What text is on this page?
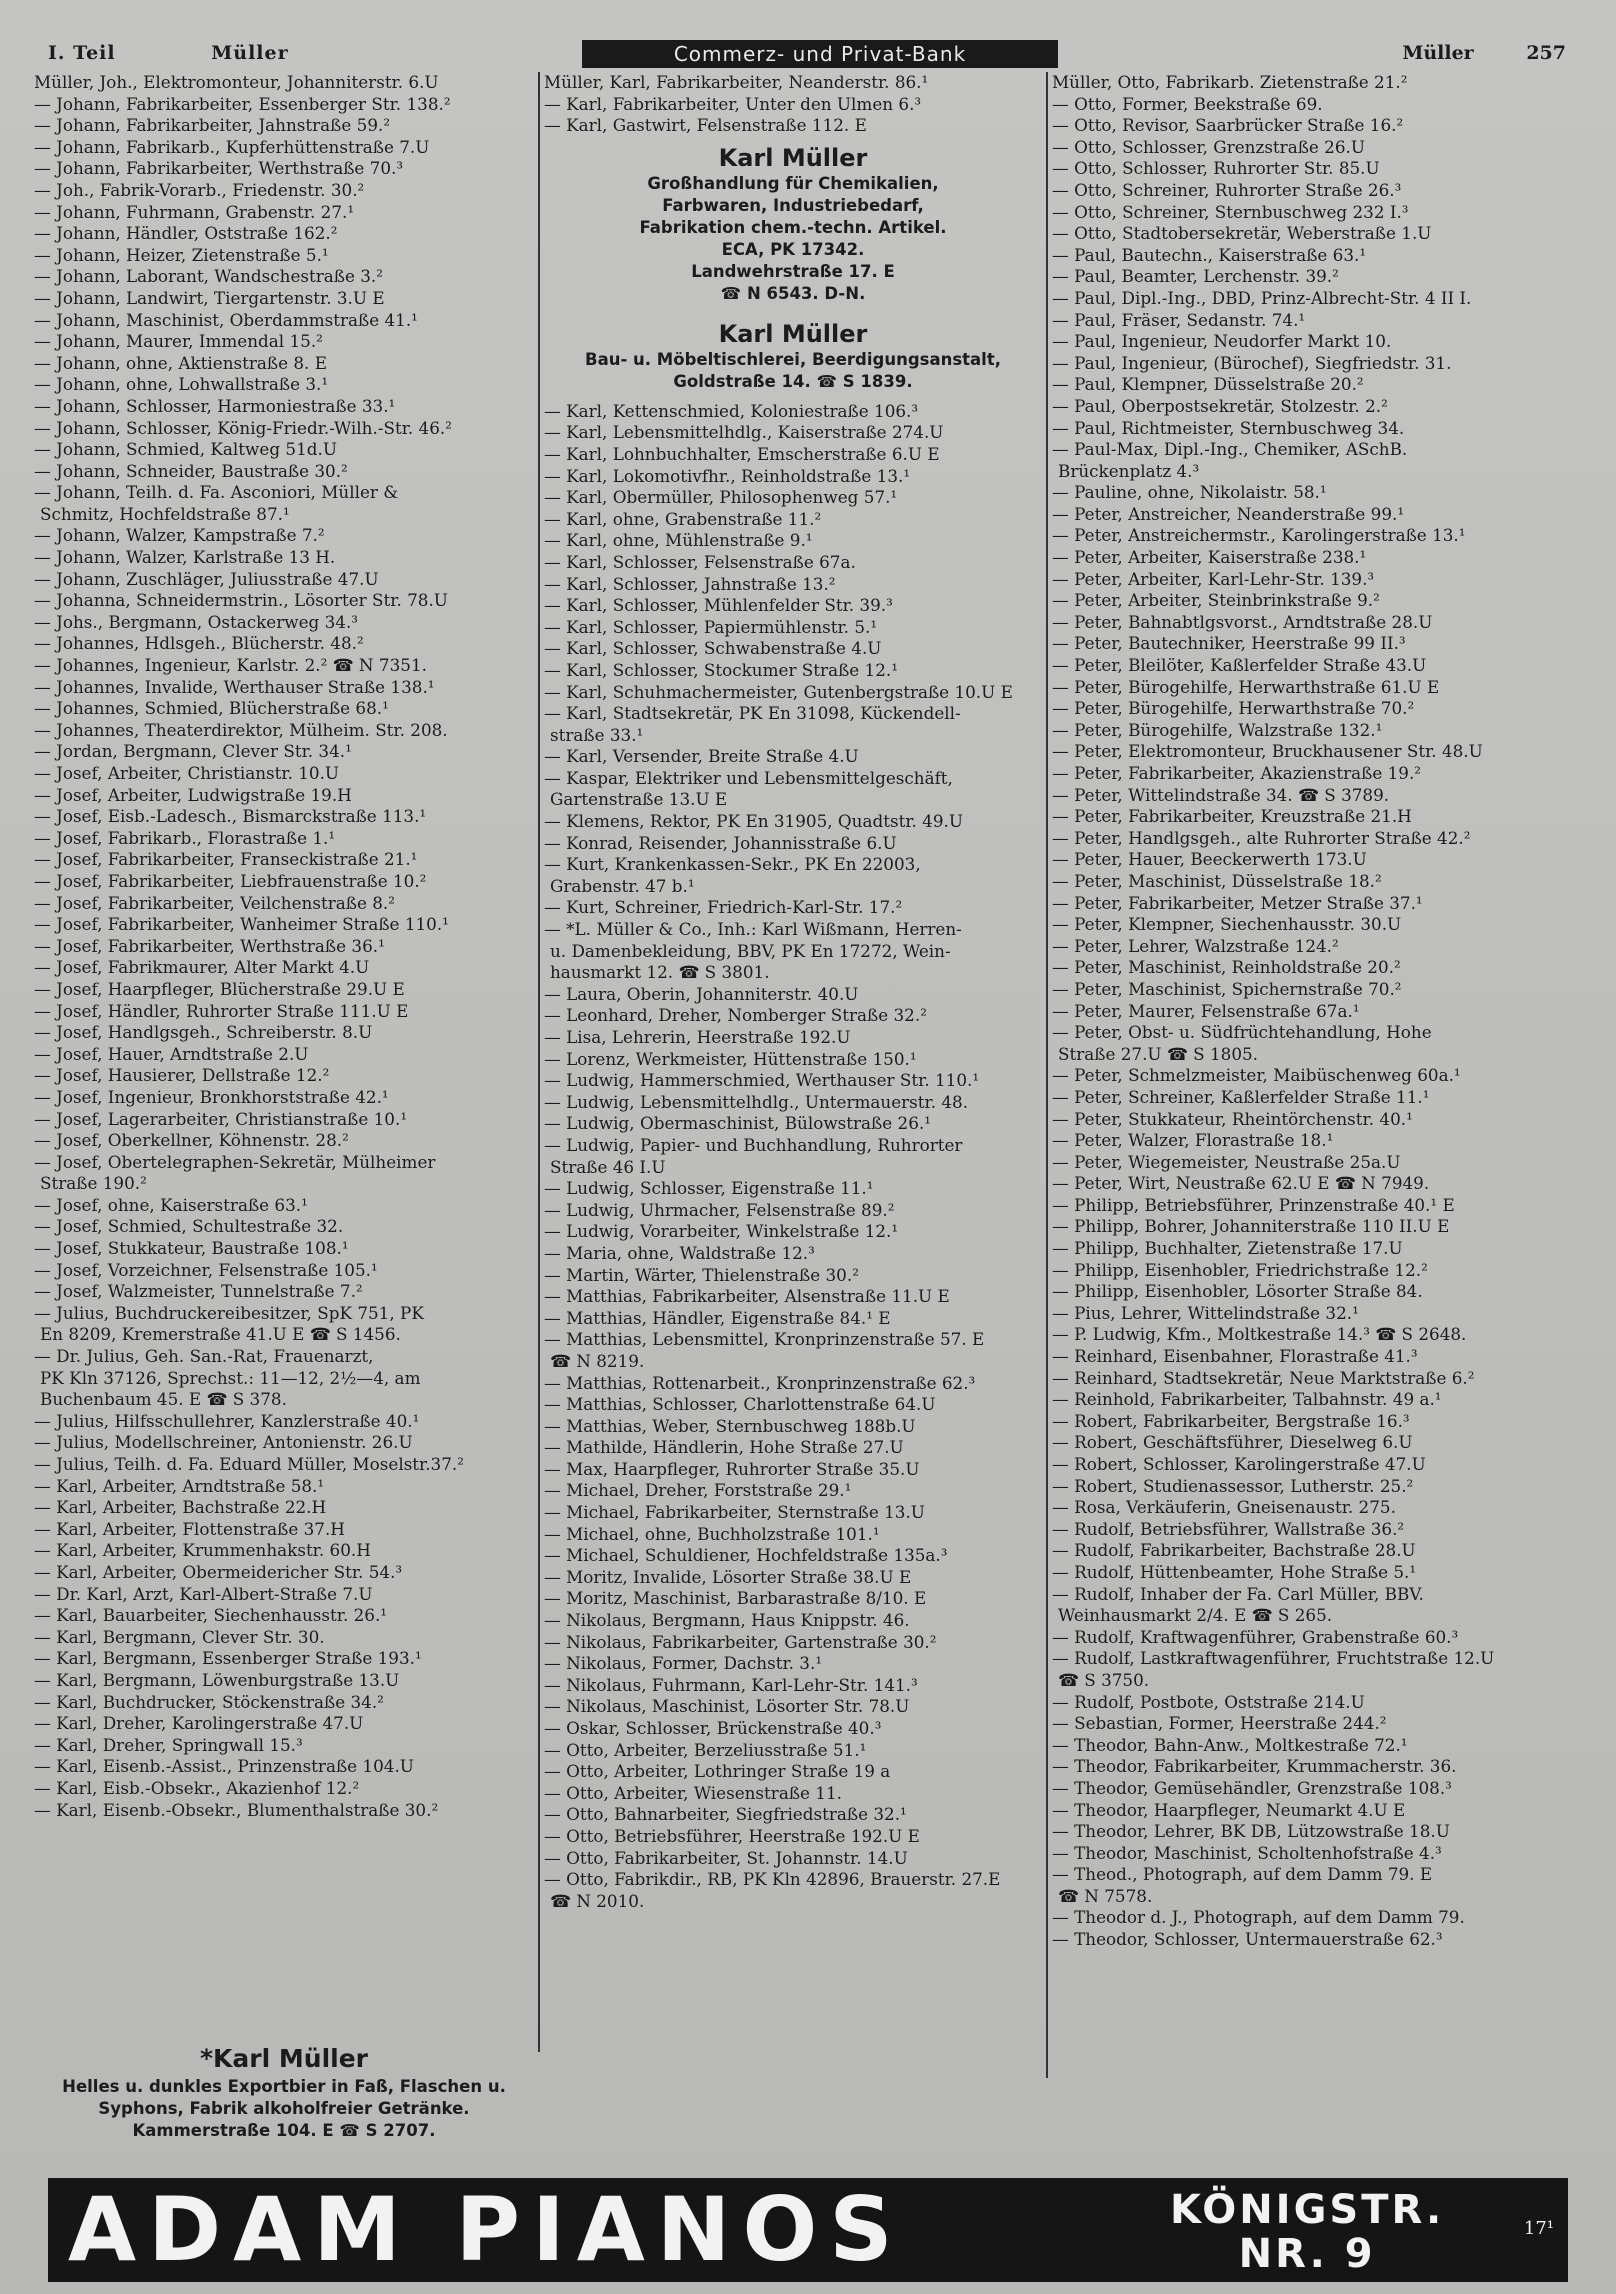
I. Teil	Müller	Commerz- und Privat-Bank	Müller	257
Müller, Joh., Elektromonteur, Johanniterstr. 6.U
— Johann, Fabrikarbeiter, Essenberger Str. 138.²
— Johann, Fabrikarbeiter, Jahnstraße 59.²
— Johann, Fabrikarb., Kupferhüttenstraße 7.U
— Johann, Fabrikarbeiter, Werthstraße 70.³
— Joh., Fabrik-Vorarb., Friedenstr. 30.²
— Johann, Fuhrmann, Grabenstr. 27.¹
— Johann, Händler, Oststraße 162.²
— Johann, Heizer, Zietenstraße 5.¹
— Johann, Laborant, Wandschestraße 3.²
— Johann, Landwirt, Tiergartenstr. 3.U E
— Johann, Maschinist, Oberdammstraße 41.¹
— Johann, Maurer, Immendal 15.²
— Johann, ohne, Aktienstraße 8. E
— Johann, ohne, Lohwallstraße 3.¹
— Johann, Schlosser, Harmoniestraße 33.¹
— Johann, Schlosser, König-Friedr.-Wilh.-Str. 46.²
— Johann, Schmied, Kaltweg 51d.U
— Johann, Schneider, Baustraße 30.²
— Johann, Teilh. d. Fa. Asconiori, Müller &
Schmitz, Hochfeldstraße 87.¹
— Johann, Walzer, Kampstraße 7.²
— Johann, Walzer, Karlstraße 13 H.
— Johann, Zuschläger, Juliusstraße 47.U
— Johanna, Schneidermstrin., Lösorter Str. 78.U
— Johs., Bergmann, Ostackerweg 34.³
— Johannes, Hdlsgeh., Blücherstr. 48.²
— Johannes, Ingenieur, Karlstr. 2.² ☎ N 7351.
— Johannes, Invalide, Werthauser Straße 138.¹
— Johannes, Schmied, Blücherstraße 68.¹
— Johannes, Theaterdirektor, Mülheim. Str. 208.
— Jordan, Bergmann, Clever Str. 34.¹
— Josef, Arbeiter, Christianstr. 10.U
— Josef, Arbeiter, Ludwigstraße 19.H
— Josef, Eisb.-Ladesch., Bismarckstraße 113.¹
— Josef, Fabrikarb., Florastraße 1.¹
— Josef, Fabrikarbeiter, Franseckistraße 21.¹
— Josef, Fabrikarbeiter, Liebfrauenstraße 10.²
— Josef, Fabrikarbeiter, Veilchenstraße 8.²
— Josef, Fabrikarbeiter, Wanheimer Straße 110.¹
— Josef, Fabrikarbeiter, Werthstraße 36.¹
— Josef, Fabrikmaurer, Alter Markt 4.U
— Josef, Haarpfleger, Blücherstraße 29.U E
— Josef, Händler, Ruhrorter Straße 111.U E
— Josef, Handlgsgeh., Schreiberstr. 8.U
— Josef, Hauer, Arndtstraße 2.U
— Josef, Hausierer, Dellstraße 12.²
— Josef, Ingenieur, Bronkhorststraße 42.¹
— Josef, Lagerarbeiter, Christianstraße 10.¹
— Josef, Oberkellner, Köhnenstr. 28.²
— Josef, Obertelegraphen-Sekretär, Mülheimer
Straße 190.²
— Josef, ohne, Kaiserstraße 63.¹
— Josef, Schmied, Schultestraße 32.
— Josef, Stukkateur, Baustraße 108.¹
— Josef, Vorzeichner, Felsenstraße 105.¹
— Josef, Walzmeister, Tunnelstraße 7.²
— Julius, Buchdruckereibesitzer, SpK 751, PK
En 8209, Kremerstraße 41.U E ☎ S 1456.
— Dr. Julius, Geh. San.-Rat, Frauenarzt,
PK Kln 37126, Sprechst.: 11—12, 2½—4, am
Buchenbaum 45. E ☎ S 378.
— Julius, Hilfsschullehrer, Kanzlerstraße 40.¹
— Julius, Modellschreiner, Antonienstr. 26.U
— Julius, Teilh. d. Fa. Eduard Müller, Moselstr.37.²
— Karl, Arbeiter, Arndtstraße 58.¹
— Karl, Arbeiter, Bachstraße 22.H
— Karl, Arbeiter, Flottenstraße 37.H
— Karl, Arbeiter, Krummenhakstr. 60.H
— Karl, Arbeiter, Obermeidericher Str. 54.³
— Dr. Karl, Arzt, Karl-Albert-Straße 7.U
— Karl, Bauarbeiter, Siechenhausstr. 26.¹
— Karl, Bergmann, Clever Str. 30.
— Karl, Bergmann, Essenberger Straße 193.¹
— Karl, Bergmann, Löwenburgstraße 13.U
— Karl, Buchdrucker, Stöckenstraße 34.²
— Karl, Dreher, Karolingerstraße 47.U
— Karl, Dreher, Springwall 15.³
— Karl, Eisenb.-Assist., Prinzenstraße 104.U
— Karl, Eisb.-Obsekr., Akazienhof 12.²
— Karl, Eisenb.-Obsekr., Blumenthalstraße 30.²
*Karl Müller
Helles u. dunkles Exportbier in Faß, Flaschen u.
Syphons, Fabrik alkoholfreier Getränke.
Kammerstraße 104. E ☎ S 2707.
Müller, Karl, Fabrikarbeiter, Neanderstr. 86.¹
— Karl, Fabrikarbeiter, Unter den Ulmen 6.³
— Karl, Gastwirt, Felsenstraße 112. E
Karl Müller
Großhandlung für Chemikalien,
Farbwaren, Industriebedarf,
Fabrikation chem.-techn. Artikel.
ECA, PK 17342.
Landwehrstraße 17. E
☎ N 6543. D-N.
Karl Müller
Bau- u. Möbeltischlerei, Beerdigungsanstalt,
Goldstraße 14. ☎ S 1839.
— Karl, Kettenschmied, Koloniestraße 106.³
— Karl, Lebensmittelhdlg., Kaiserstraße 274.U
— Karl, Lohnbuchhalter, Emscherstraße 6.U E
— Karl, Lokomotivfhr., Reinholdstraße 13.¹
— Karl, Obermüller, Philosophenweg 57.¹
— Karl, ohne, Grabenstraße 11.²
— Karl, ohne, Mühlenstraße 9.¹
— Karl, Schlosser, Felsenstraße 67a.
— Karl, Schlosser, Jahnstraße 13.²
— Karl, Schlosser, Mühlenfelder Str. 39.³
— Karl, Schlosser, Papiermühlenstr. 5.¹
— Karl, Schlosser, Schwabenstraße 4.U
— Karl, Schlosser, Stockumer Straße 12.¹
— Karl, Schuhmachermeister, Gutenbergstraße 10.U E
— Karl, Stadtsekretär, PK En 31098, Kückendell-
straße 33.¹
— Karl, Versender, Breite Straße 4.U
— Kaspar, Elektriker und Lebensmittelgeschäft,
Gartenstraße 13.U E
— Klemens, Rektor, PK En 31905, Quadtstr. 49.U
— Konrad, Reisender, Johannisstraße 6.U
— Kurt, Krankenkassen-Sekr., PK En 22003,
Grabenstr. 47 b.¹
— Kurt, Schreiner, Friedrich-Karl-Str. 17.²
— *L. Müller & Co., Inh.: Karl Wißmann, Herren-
u. Damenbekleidung, BBV, PK En 17272, Wein-
hausmarkt 12. ☎ S 3801.
— Laura, Oberin, Johanniterstr. 40.U
— Leonhard, Dreher, Nomberger Straße 32.²
— Lisa, Lehrerin, Heerstraße 192.U
— Lorenz, Werkmeister, Hüttenstraße 150.¹
— Ludwig, Hammerschmied, Werthauser Str. 110.¹
— Ludwig, Lebensmittelhdlg., Untermauerstr. 48.
— Ludwig, Obermaschinist, Bülowstraße 26.¹
— Ludwig, Papier- und Buchhandlung, Ruhrorter
Straße 46 I.U
— Ludwig, Schlosser, Eigenstraße 11.¹
— Ludwig, Uhrmacher, Felsenstraße 89.²
— Ludwig, Vorarbeiter, Winkelstraße 12.¹
— Maria, ohne, Waldstraße 12.³
— Martin, Wärter, Thielenstraße 30.²
— Matthias, Fabrikarbeiter, Alsenstraße 11.U E
— Matthias, Händler, Eigenstraße 84.¹ E
— Matthias, Lebensmittel, Kronprinzenstraße 57. E
☎ N 8219.
— Matthias, Rottenarbeit., Kronprinzenstraße 62.³
— Matthias, Schlosser, Charlottenstraße 64.U
— Matthias, Weber, Sternbuschweg 188b.U
— Mathilde, Händlerin, Hohe Straße 27.U
— Max, Haarpfleger, Ruhrorter Straße 35.U
— Michael, Dreher, Forststraße 29.¹
— Michael, Fabrikarbeiter, Sternstraße 13.U
— Michael, ohne, Buchholzstraße 101.¹
— Michael, Schuldiener, Hochfeldstraße 135a.³
— Moritz, Invalide, Lösorter Straße 38.U E
— Moritz, Maschinist, Barbarastraße 8/10. E
— Nikolaus, Bergmann, Haus Knippstr. 46.
— Nikolaus, Fabrikarbeiter, Gartenstraße 30.²
— Nikolaus, Former, Dachstr. 3.¹
— Nikolaus, Fuhrmann, Karl-Lehr-Str. 141.³
— Nikolaus, Maschinist, Lösorter Str. 78.U
— Oskar, Schlosser, Brückenstraße 40.³
— Otto, Arbeiter, Berzeliusstraße 51.¹
— Otto, Arbeiter, Lothringer Straße 19 a
— Otto, Arbeiter, Wiesenstraße 11.
— Otto, Bahnarbeiter, Siegfriedstraße 32.¹
— Otto, Betriebsführer, Heerstraße 192.U E
— Otto, Fabrikarbeiter, St. Johannstr. 14.U
— Otto, Fabrikdir., RB, PK Kln 42896, Brauerstr. 27.E
☎ N 2010.
Müller, Otto, Fabrikarb. Zietenstraße 21.²
— Otto, Former, Beekstraße 69.
— Otto, Revisor, Saarbrücker Straße 16.²
— Otto, Schlosser, Grenzstraße 26.U
— Otto, Schlosser, Ruhrorter Str. 85.U
— Otto, Schreiner, Ruhrorter Straße 26.³
— Otto, Schreiner, Sternbuschweg 232 I.³
— Otto, Stadtobersekretär, Weberstraße 1.U
— Paul, Bautechn., Kaiserstraße 63.¹
— Paul, Beamter, Lerchenstr. 39.²
— Paul, Dipl.-Ing., DBD, Prinz-Albrecht-Str. 4 II I.
— Paul, Fräser, Sedanstr. 74.¹
— Paul, Ingenieur, Neudorfer Markt 10.
— Paul, Ingenieur, (Bürochef), Siegfriedstr. 31.
— Paul, Klempner, Düsselstraße 20.²
— Paul, Oberpostsekretär, Stolzestr. 2.²
— Paul, Richtmeister, Sternbuschweg 34.
— Paul-Max, Dipl.-Ing., Chemiker, ASchB.
Brückenplatz 4.³
— Pauline, ohne, Nikolaistr. 58.¹
— Peter, Anstreicher, Neanderstraße 99.¹
— Peter, Anstreichermstr., Karolingerstraße 13.¹
— Peter, Arbeiter, Kaiserstraße 238.¹
— Peter, Arbeiter, Karl-Lehr-Str. 139.³
— Peter, Arbeiter, Steinbrinkstraße 9.²
— Peter, Bahnabtlgsvorst., Arndtstraße 28.U
— Peter, Bautechniker, Heerstraße 99 II.³
— Peter, Bleilöter, Kaßlerfelder Straße 43.U
— Peter, Bürogehilfe, Herwarthstraße 61.U E
— Peter, Bürogehilfe, Herwarthstraße 70.²
— Peter, Bürogehilfe, Walzstraße 132.¹
— Peter, Elektromonteur, Bruckhausener Str. 48.U
— Peter, Fabrikarbeiter, Akazienstraße 19.²
— Peter, Wittelindstraße 34. ☎ S 3789.
— Peter, Fabrikarbeiter, Kreuzstraße 21.H
— Peter, Handlgsgeh., alte Ruhrorter Straße 42.²
— Peter, Hauer, Beeckerwerth 173.U
— Peter, Maschinist, Düsselstraße 18.²
— Peter, Fabrikarbeiter, Metzer Straße 37.¹
— Peter, Klempner, Siechenhausstr. 30.U
— Peter, Lehrer, Walzstraße 124.²
— Peter, Maschinist, Reinholdstraße 20.²
— Peter, Maschinist, Spichernstraße 70.²
— Peter, Maurer, Felsenstraße 67a.¹
— Peter, Obst- u. Südfrüchtehandlung, Hohe
Straße 27.U ☎ S 1805.
— Peter, Schmelzmeister, Maibüschenweg 60a.¹
— Peter, Schreiner, Kaßlerfelder Straße 11.¹
— Peter, Stukkateur, Rheintörchenstr. 40.¹
— Peter, Walzer, Florastraße 18.¹
— Peter, Wiegemeister, Neustraße 25a.U
— Peter, Wirt, Neustraße 62.U E ☎ N 7949.
— Philipp, Betriebsführer, Prinzenstraße 40.¹ E
— Philipp, Bohrer, Johanniterstraße 110 II.U E
— Philipp, Buchhalter, Zietenstraße 17.U
— Philipp, Eisenhobler, Friedrichstraße 12.²
— Philipp, Eisenhobler, Lösorter Straße 84.
— Pius, Lehrer, Wittelindstraße 32.¹
— P. Ludwig, Kfm., Moltkestraße 14.³ ☎ S 2648.
— Reinhard, Eisenbahner, Florastraße 41.³
— Reinhard, Stadtsekretär, Neue Marktstraße 6.²
— Reinhold, Fabrikarbeiter, Talbahnstr. 49 a.¹
— Robert, Fabrikarbeiter, Bergstraße 16.³
— Robert, Geschäftsführer, Dieselweg 6.U
— Robert, Schlosser, Karolingerstraße 47.U
— Robert, Studienassessor, Lutherstr. 25.²
— Rosa, Verkäuferin, Gneisenaustr. 275.
— Rudolf, Betriebsführer, Wallstraße 36.²
— Rudolf, Fabrikarbeiter, Bachstraße 28.U
— Rudolf, Hüttenbeamter, Hohe Straße 5.¹
— Rudolf, Inhaber der Fa. Carl Müller, BBV.
Weinhausmarkt 2/4. E ☎ S 265.
— Rudolf, Kraftwagenführer, Grabenstraße 60.³
— Rudolf, Lastkraftwagenführer, Fruchtstraße 12.U
☎ S 3750.
— Rudolf, Postbote, Oststraße 214.U
— Sebastian, Former, Heerstraße 244.²
— Theodor, Bahn-Anw., Moltkestraße 72.¹
— Theodor, Fabrikarbeiter, Krummacherstr. 36.
— Theodor, Gemüsehändler, Grenzstraße 108.³
— Theodor, Haarpfleger, Neumarkt 4.U E
— Theodor, Lehrer, BK DB, Lützowstraße 18.U
— Theodor, Maschinist, Scholtenhofstraße 4.³
— Theod., Photograph, auf dem Damm 79. E
☎ N 7578.
— Theodor d. J., Photograph, auf dem Damm 79.
— Theodor, Schlosser, Untermauerstraße 62.³
ADAM PIANOS	KÖNIGSTR.
NR. 9
17¹
